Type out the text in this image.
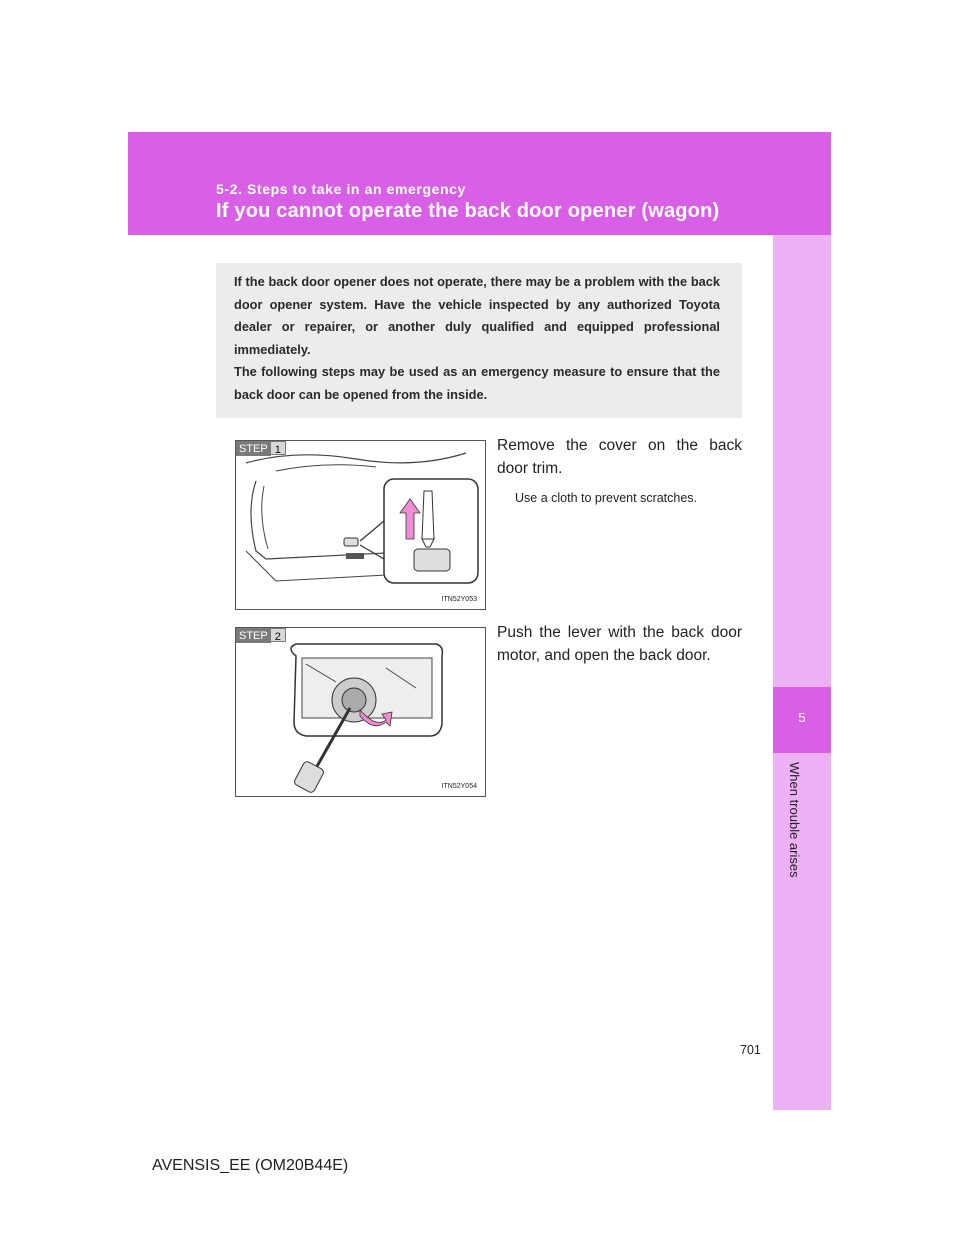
5-2. Steps to take in an emergency

If you cannot operate the back door opener (wagon)

5

When trouble arises

If the back door opener does not operate, there may be a problem with the back door opener system. Have the vehicle inspected by any authorized Toyota dealer or repairer, or another duly qualified and equipped professional immediately.
The following steps may be used as an emergency measure to ensure that the back door can be opened from the inside.

STEP 1
ITN52Y053

Remove the cover on the back door trim.

Use a cloth to prevent scratches.

STEP 2
ITN52Y054

Push the lever with the back door motor, and open the back door.

701

AVENSIS_EE (OM20B44E)
